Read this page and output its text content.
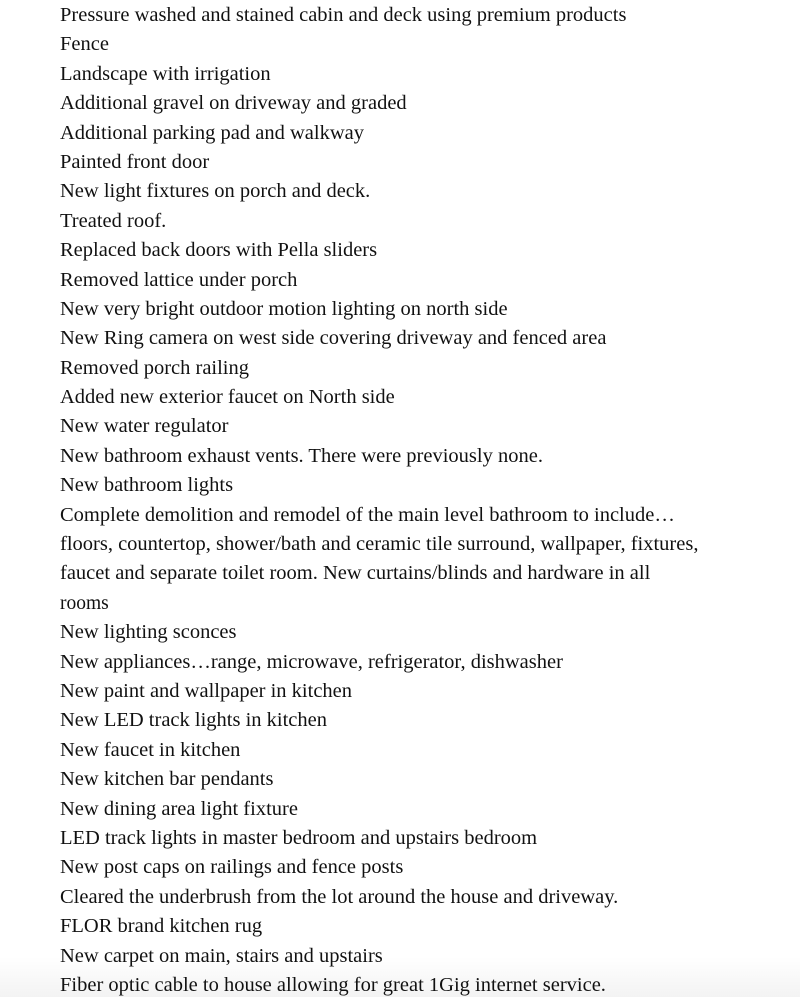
Pressure washed and stained cabin and deck using premium products
Fence
Landscape with irrigation
Additional gravel on driveway and graded
Additional parking pad and walkway
Painted front door
New light fixtures on porch and deck.
Treated roof.
Replaced back doors with Pella sliders
Removed lattice under porch
New very bright outdoor motion lighting on north side
New Ring camera on west side covering driveway and fenced area
Removed porch railing
Added new exterior faucet on North side
New water regulator
New bathroom exhaust vents. There were previously none.
New bathroom lights
Complete demolition and remodel of the main level bathroom to include…
floors, countertop, shower/bath and ceramic tile surround, wallpaper, fixtures,
faucet and separate toilet room. New curtains/blinds and hardware in all
rooms
New lighting sconces
New appliances…range, microwave, refrigerator, dishwasher
New paint and wallpaper in kitchen
New LED track lights in kitchen
New faucet in kitchen
New kitchen bar pendants
New dining area light fixture
LED track lights in master bedroom and upstairs bedroom
New post caps on railings and fence posts
Cleared the underbrush from the lot around the house and driveway.
FLOR brand kitchen rug
New carpet on main, stairs and upstairs
Fiber optic cable to house allowing for great 1Gig internet service.
